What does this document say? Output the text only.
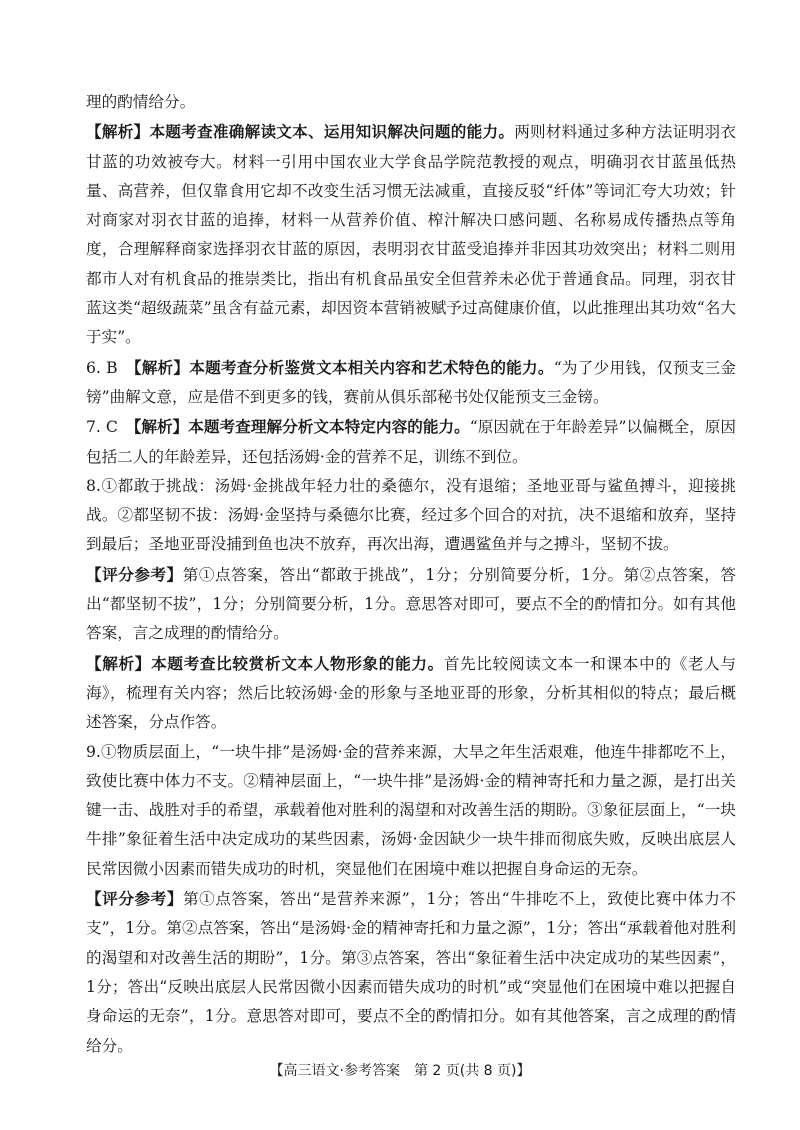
理的酌情给分。

【解析】本题考查准确解读文本、运用知识解决问题的能力。两则材料通过多种方法证明羽衣甘蓝的功效被夸大。材料一引用中国农业大学食品学院范教授的观点，明确羽衣甘蓝虽低热量、高营养，但仅靠食用它却不改变生活习惯无法减重，直接反驳“纤体”等词汇夸大功效；针对商家对羽衣甘蓝的追捧，材料一从营养价值、榨汁解决口感问题、名称易成传播热点等角度，合理解释商家选择羽衣甘蓝的原因，表明羽衣甘蓝受追捧并非因其功效突出；材料二则用都市人对有机食品的推崇类比，指出有机食品虽安全但营养未必优于普通食品。同理，羽衣甘蓝这类“超级蔬菜”虽含有益元素，却因资本营销被赋予过高健康价值，以此推理出其功效“名大于实”。

6. B　 【解析】本题考查分析鉴赏文本相关内容和艺术特色的能力。“为了少用钱，仅预支三金镑”曲解文意，应是借不到更多的钱，赛前从俱乐部秘书处仅能预支三金镑。

7. C　 【解析】本题考查理解分析文本特定内容的能力。“原因就在于年龄差异”以偏概全，原因包括二人的年龄差异，还包括汤姆·金的营养不足，训练不到位。

8.①都敢于挑战：汤姆·金挑战年轻力壮的桑德尔，没有退缩；圣地亚哥与鲨鱼搏斗，迎接挑战。②都坚韧不拔：汤姆·金坚持与桑德尔比赛，经过多个回合的对抗，决不退缩和放弃，坚持到最后；圣地亚哥没捕到鱼也决不放弃，再次出海，遭遇鲨鱼并与之搏斗，坚韧不拔。

【评分参考】第①点答案，答出“都敢于挑战”，1分；分别简要分析，1分。第②点答案，答出“都坚韧不拔”，1分；分别简要分析，1分。意思答对即可，要点不全的酌情扣分。如有其他答案，言之成理的酌情给分。

【解析】本题考查比较赏析文本人物形象的能力。首先比较阅读文本一和课本中的《老人与海》，梳理有关内容；然后比较汤姆·金的形象与圣地亚哥的形象，分析其相似的特点；最后概述答案，分点作答。

9.①物质层面上，“一块牛排”是汤姆·金的营养来源，大旱之年生活艰难，他连牛排都吃不上，致使比赛中体力不支。②精神层面上，“一块牛排”是汤姆·金的精神寄托和力量之源，是打出关键一击、战胜对手的希望，承载着他对胜利的渴望和对改善生活的期盼。③象征层面上，“一块牛排”象征着生活中决定成功的某些因素，汤姆·金因缺少一块牛排而彻底失败，反映出底层人民常因微小因素而错失成功的时机，突显他们在困境中难以把握自身命运的无奈。

【评分参考】第①点答案，答出“是营养来源”，1分；答出“牛排吃不上，致使比赛中体力不支”，1分。第②点答案，答出“是汤姆·金的精神寄托和力量之源”，1分；答出“承载着他对胜利的渴望和对改善生活的期盼”，1分。第③点答案，答出“象征着生活中决定成功的某些因素”，1分；答出“反映出底层人民常因微小因素而错失成功的时机”或“突显他们在困境中难以把握自身命运的无奈”，1分。意思答对即可，要点不全的酌情扣分。如有其他答案，言之成理的酌情给分。

【高三语文·参考答案　第 2 页(共 8 页)】
